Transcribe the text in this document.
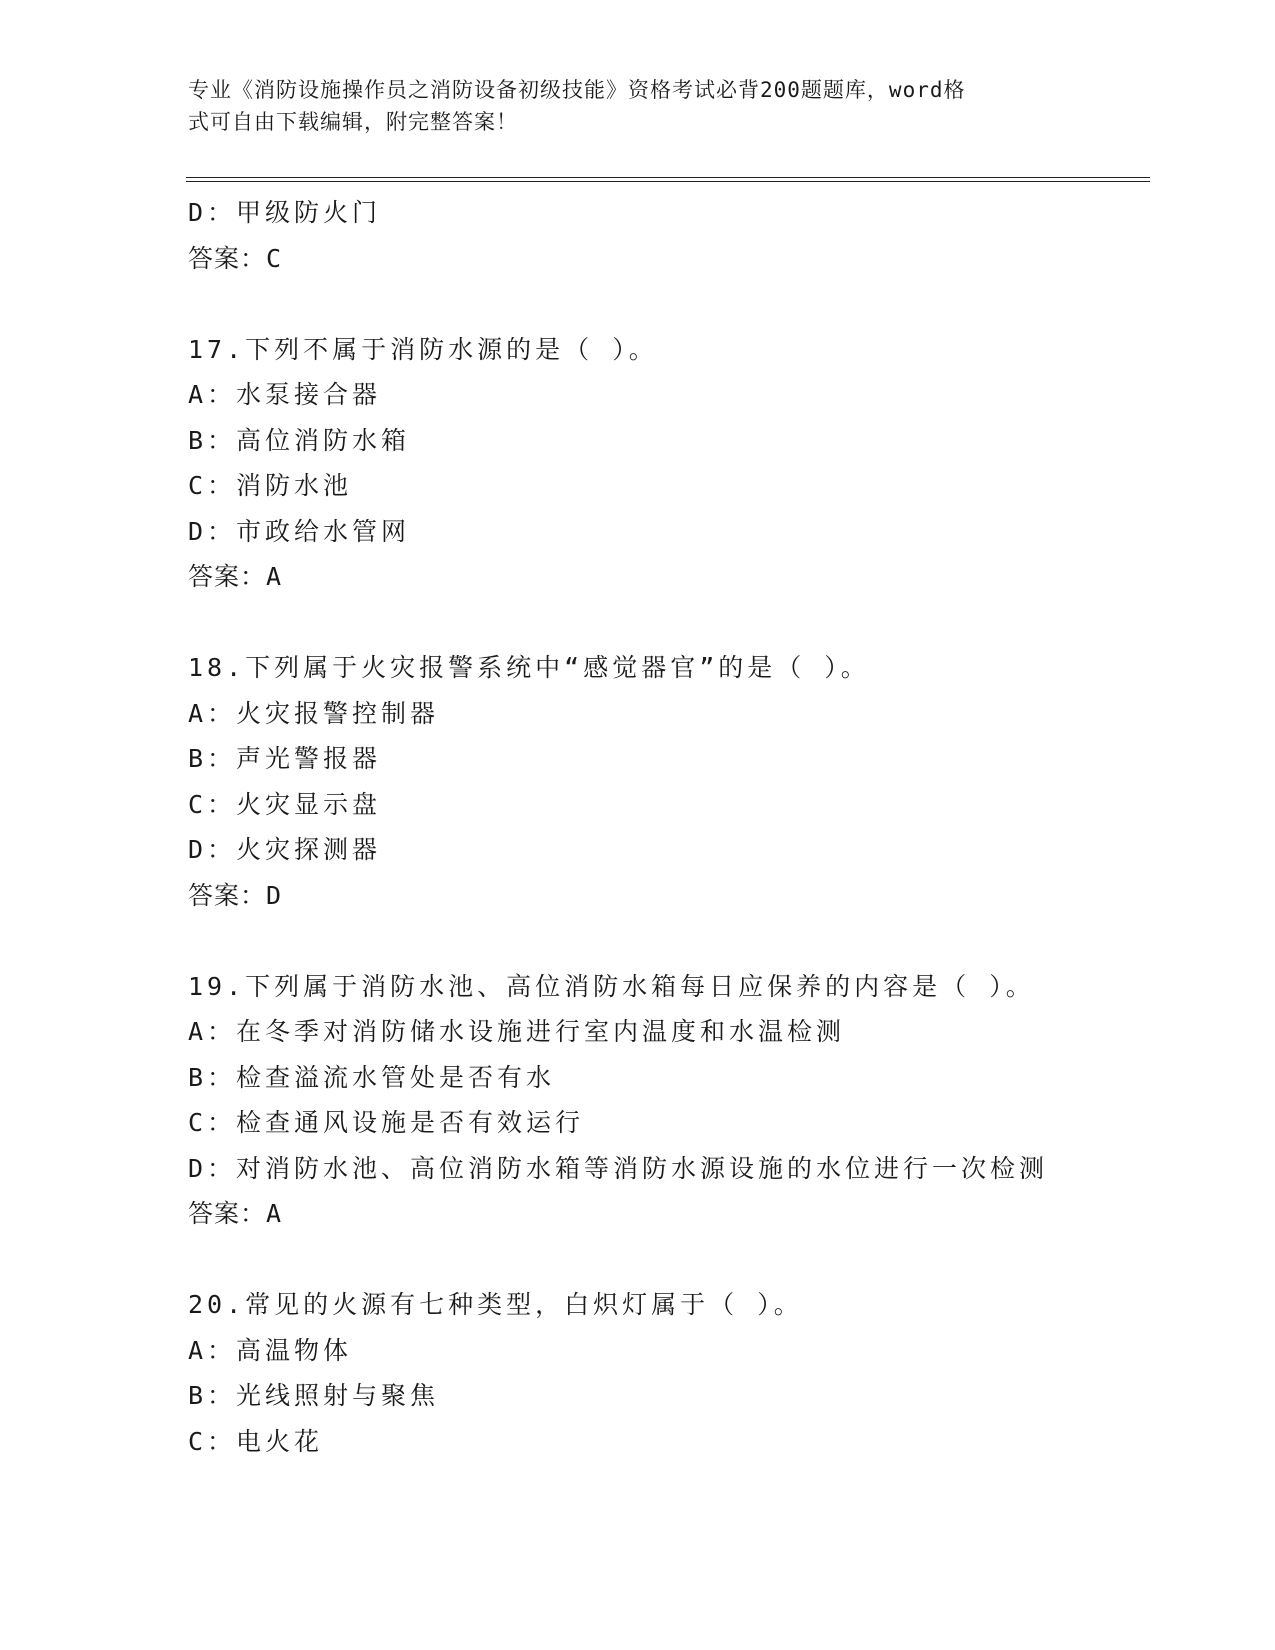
专业《消防设施操作员之消防设备初级技能》资格考试必背200题题库，word格
式可自由下载编辑，附完整答案！
D：甲级防火门
答案：C
17.下列不属于消防水源的是（ ）。
A：水泵接合器
B：高位消防水箱
C：消防水池
D：市政给水管网
答案：A
18.下列属于火灾报警系统中“感觉器官”的是（ ）。
A：火灾报警控制器
B：声光警报器
C：火灾显示盘
D：火灾探测器
答案：D
19.下列属于消防水池、高位消防水箱每日应保养的内容是（ ）。
A：在冬季对消防储水设施进行室内温度和水温检测
B：检查溢流水管处是否有水
C：检查通风设施是否有效运行
D：对消防水池、高位消防水箱等消防水源设施的水位进行一次检测
答案：A
20.常见的火源有七种类型，白炽灯属于（ ）。
A：高温物体
B：光线照射与聚焦
C：电火花
